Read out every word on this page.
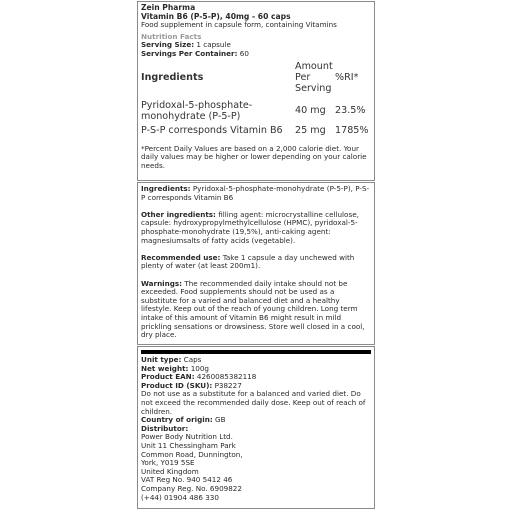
Zein Pharma
Vitamin B6 (P-5-P), 40mg - 60 caps
Food supplement in capsule form, containing Vitamins
Nutrition Facts
Serving Size: 1 capsule
Servings Per Container: 60
Ingredients	Amount Per Serving	%RI*

Pyridoxal-5-phosphate-monohydrate (P-5-P)	40 mg	23.5%

P-S-P corresponds Vitamin B6	25 mg	1785%
*Percent Daily Values are based on a 2,000 calorie diet. Your daily values may be higher or lower depending on your calorie needs.

Ingredients: Pyridoxal-5-phosphate-monohydrate (P-5-P), P-S-P corresponds Vitamin B6

Other ingredients: filling agent: microcrystalline cellulose, capsule: hydroxypropylmethylcellulose (HPMC), pyridoxal-5-phosphate-monohydrate (19,5%), anti-caking agent: magnesiumsalts of fatty acids (vegetable).

Recommended use: Take 1 capsule a day unchewed with plenty of water (at least 200m1).

Warnings: The recommended daily intake should not be exceeded. Food supplements should not be used as a substitute for a varied and balanced diet and a healthy lifestyle. Keep out of the reach of young children. Long term intake of this amount of Vitamin B6 might result in mild prickling sensations or drowsiness. Store well closed in a cool, dry place.

Unit type: Caps
Net weight: 100g
Product EAN: 4260085382118
Product ID (SKU): P38227
Do not use as a substitute for a balanced and varied diet. Do not exceed the recommended daily dose. Keep out of reach of children.
Country of origin: GB
Distributor:
Power Body Nutrition Ltd.
Unit 11 Chessingham Park
Common Road, Dunnington,
York, Y019 5SE
United Kingdom
VAT Reg No. 940 5412 46
Company Reg. No. 6909822
(+44) 01904 486 330
